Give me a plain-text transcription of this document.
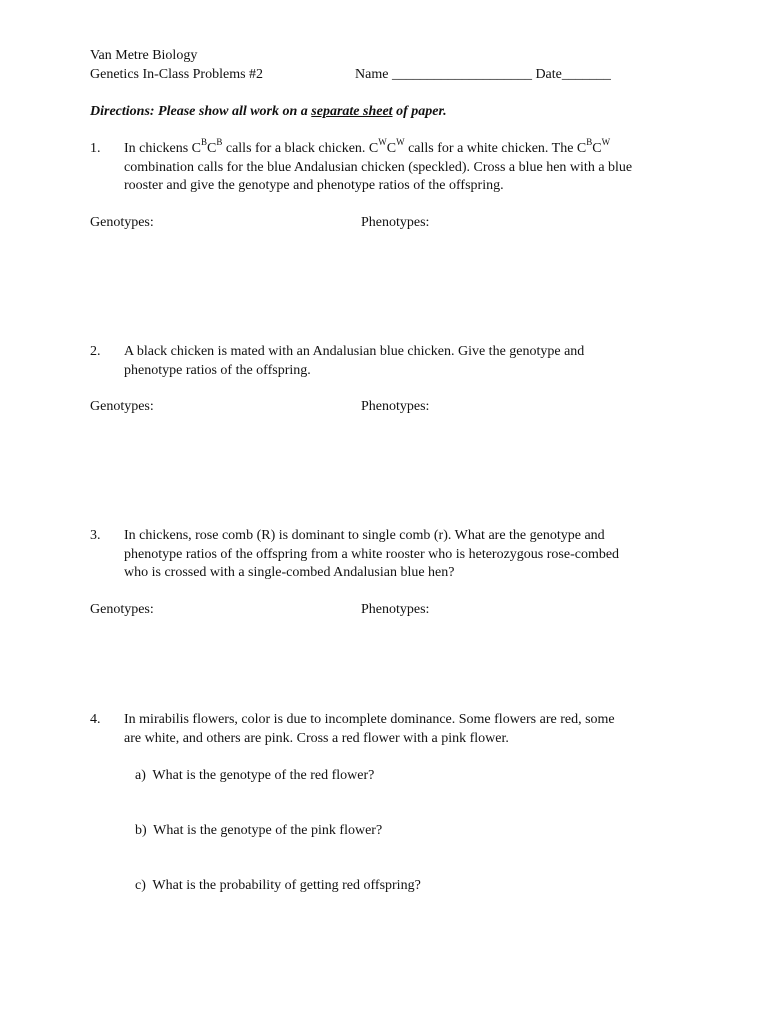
Van Metre Biology
Genetics In-Class Problems #2	Name ____________________ Date_______
Directions: Please show all work on a separate sheet of paper.
1. In chickens $C^BC^B$ calls for a black chicken. $C^WC^W$ calls for a white chicken. The $C^BC^W$
combination calls for the blue Andalusian chicken (speckled). Cross a blue hen with a blue
rooster and give the genotype and phenotype ratios of the offspring.
Genotypes:	Phenotypes:
2. A black chicken is mated with an Andalusian blue chicken. Give the genotype and
phenotype ratios of the offspring.
Genotypes:	Phenotypes:
3. In chickens, rose comb (R) is dominant to single comb (r). What are the genotype and
phenotype ratios of the offspring from a white rooster who is heterozygous rose-combed
who is crossed with a single-combed Andalusian blue hen?
Genotypes:	Phenotypes:
4. In mirabilis flowers, color is due to incomplete dominance. Some flowers are red, some
are white, and others are pink. Cross a red flower with a pink flower.
a) What is the genotype of the red flower?
b) What is the genotype of the pink flower?
c) What is the probability of getting red offspring?
